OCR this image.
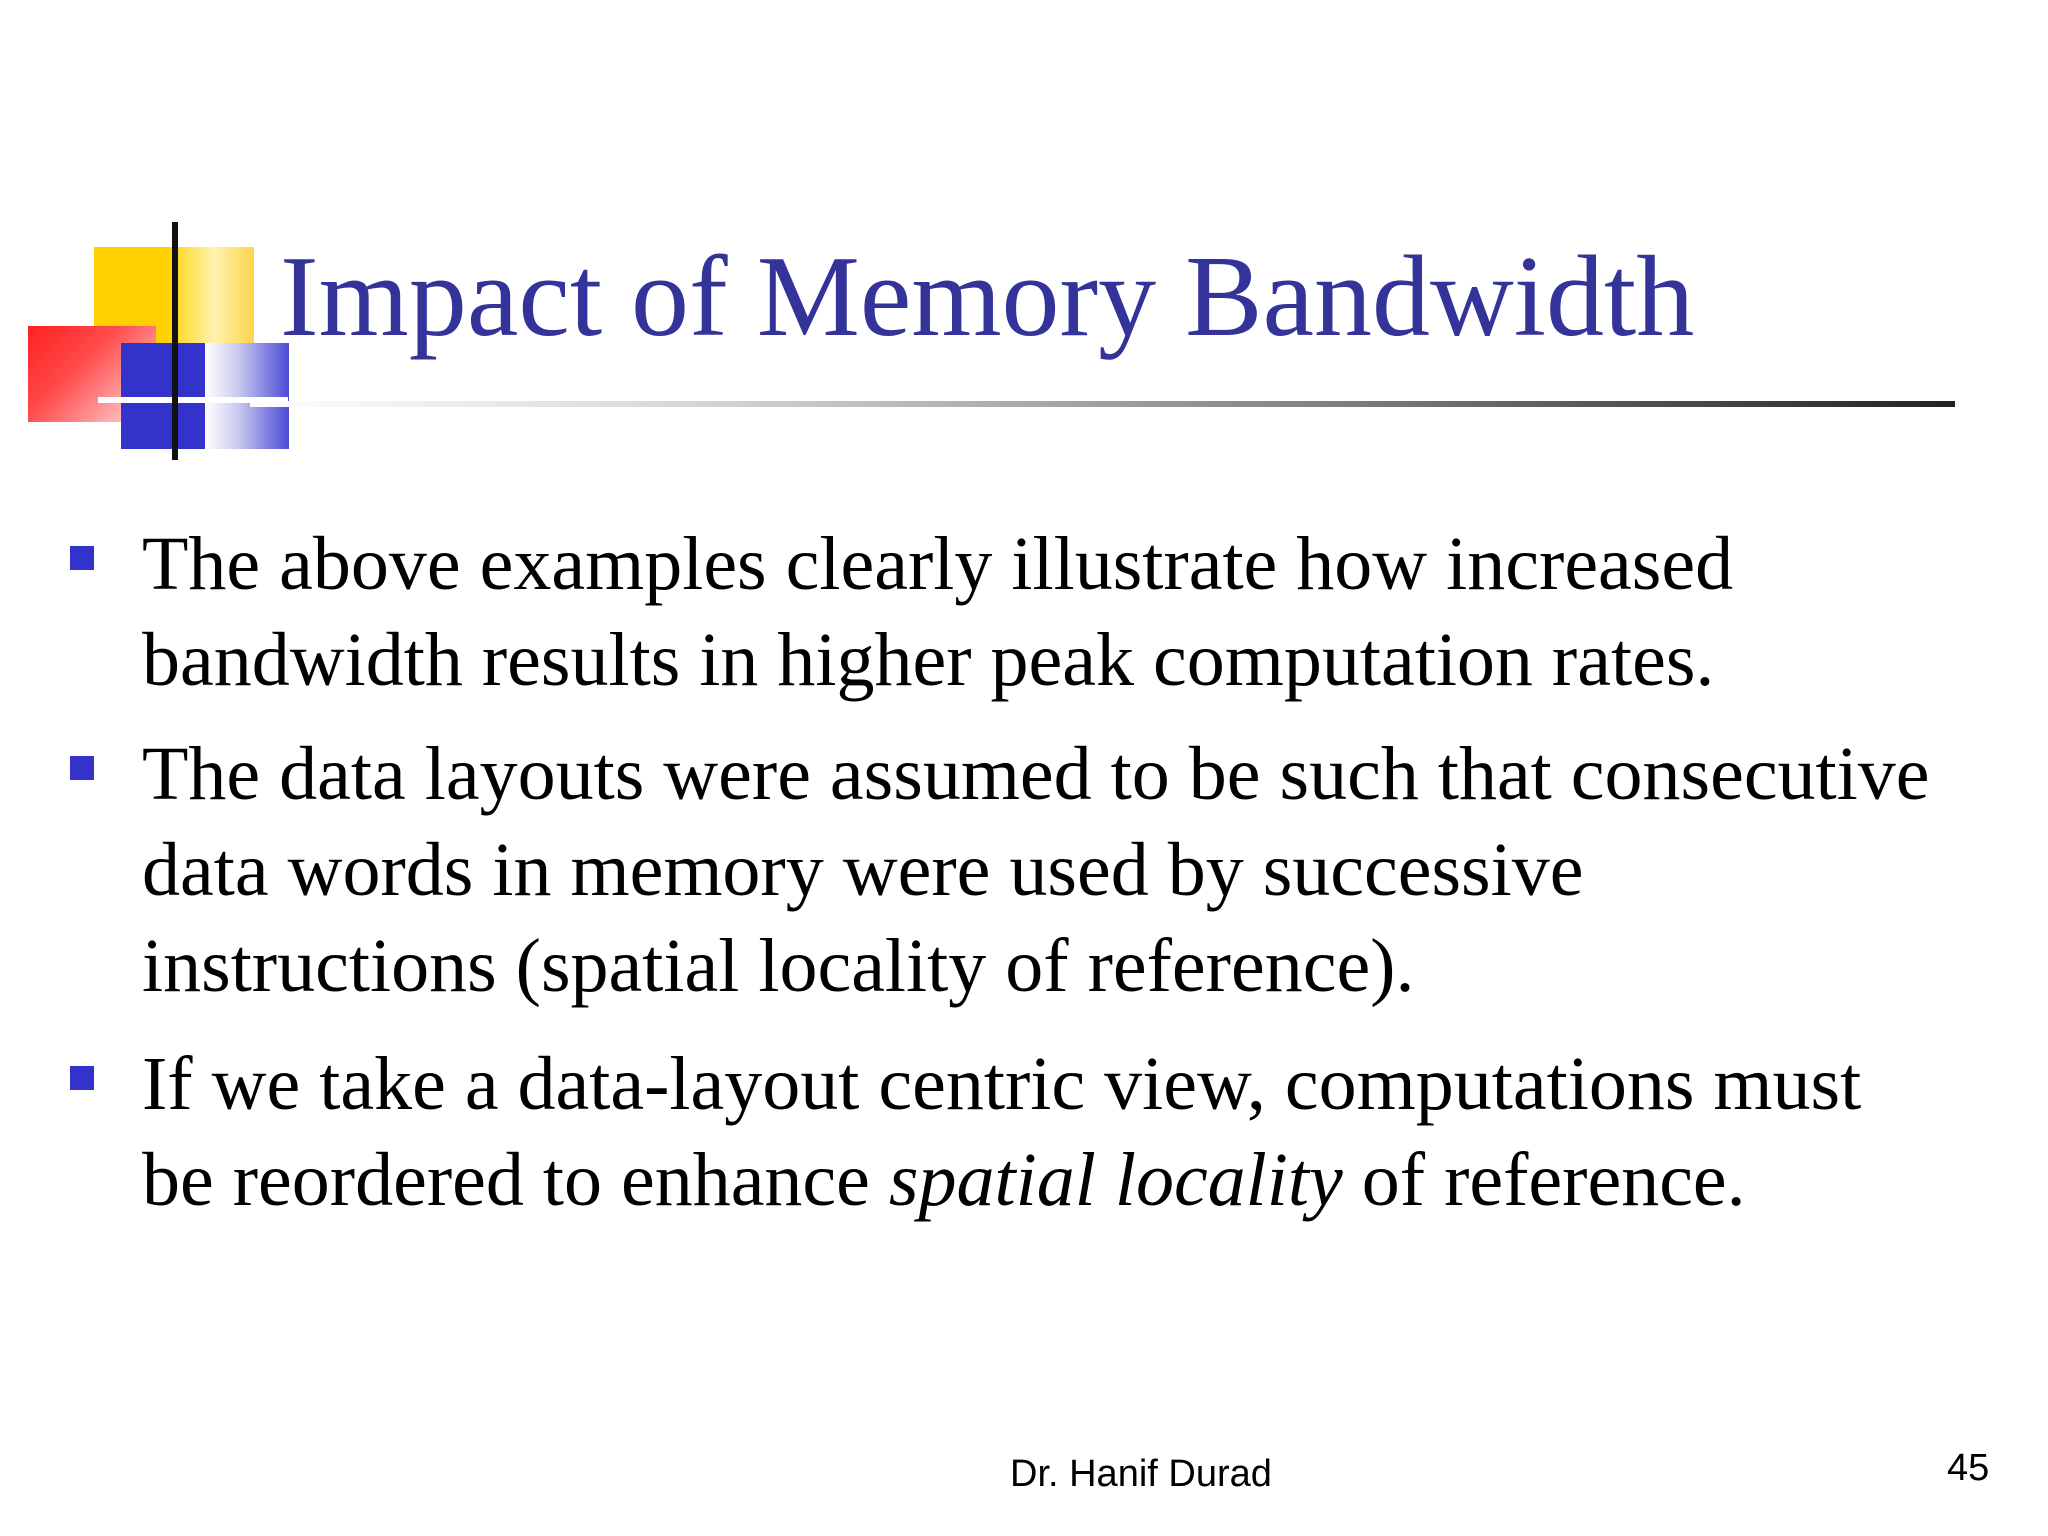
Impact of Memory Bandwidth
The above examples clearly illustrate how increased
bandwidth results in higher peak computation rates.
The data layouts were assumed to be such that consecutive
data words in memory were used by successive
instructions (spatial locality of reference).
If we take a data-layout centric view, computations must
be reordered to enhance spatial locality of reference.
Dr. Hanif Durad	45
